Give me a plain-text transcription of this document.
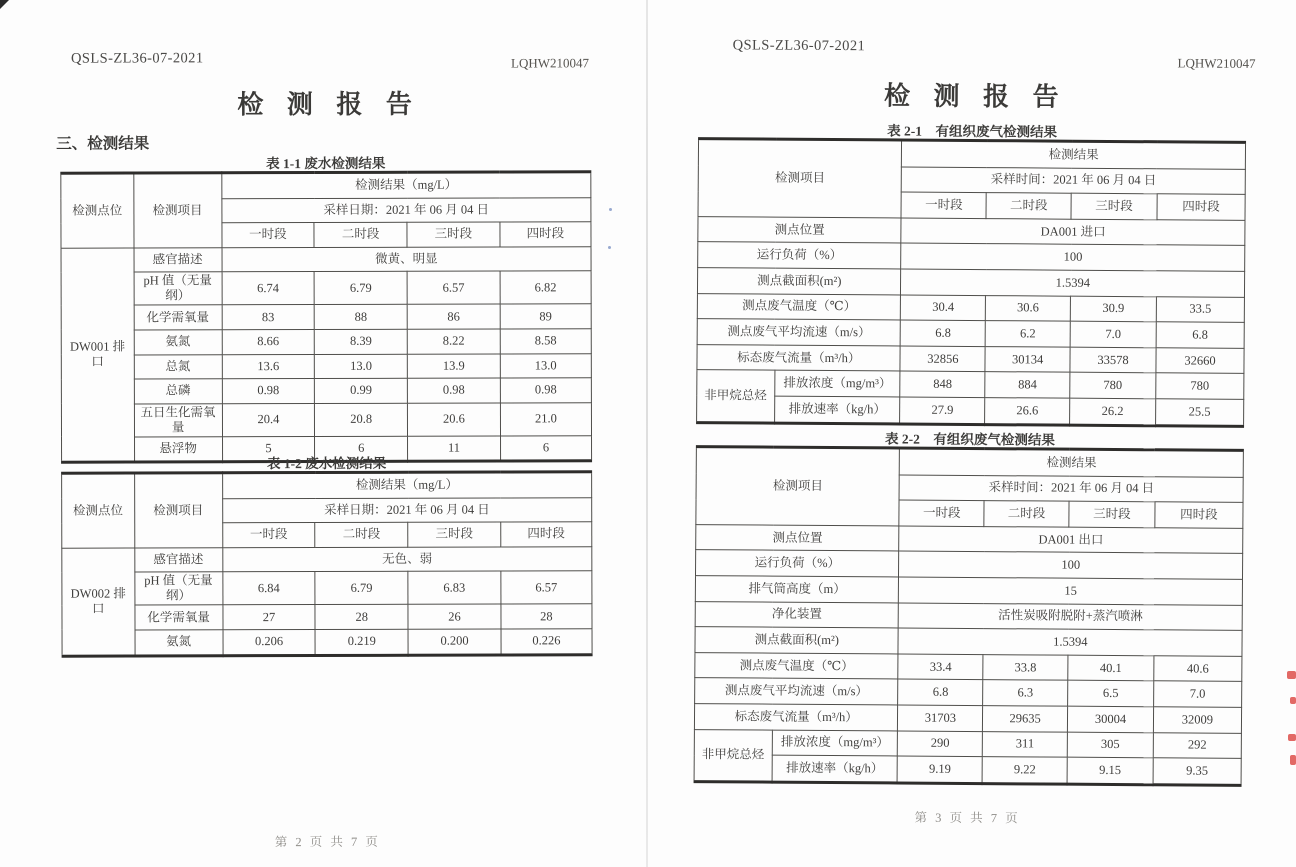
QSLS-ZL36-07-2021	LQHW210047
检 测 报 告
三、检测结果
表 1-1 废水检测结果
检测点位	检测项目	检测结果（mg/L）			
		采样日期：2021 年 06 月 04 日			
		一时段	二时段	三时段	四时段
DW001 排口	感官描述	微黄、明显			
	pH 值（无量纲）	6.74	6.79	6.57	6.82
	化学需氧量	83	88	86	89
	氨氮	8.66	8.39	8.22	8.58
	总氮	13.6	13.0	13.9	13.0
	总磷	0.98	0.99	0.98	0.98
	五日生化需氧量	20.4	20.8	20.6	21.0
	悬浮物	5	6	11	6
表 1-2 废水检测结果
检测点位	检测项目	检测结果（mg/L）			
		采样日期：2021 年 06 月 04 日			
		一时段	二时段	三时段	四时段
DW002 排口	感官描述	无色、弱			
	pH 值（无量纲）	6.84	6.79	6.83	6.57
	化学需氧量	27	28	26	28
	氨氮	0.206	0.219	0.200	0.226
第 2 页 共 7 页
QSLS-ZL36-07-2021
LQHW210047
检 测 报 告
表 2-1　有组织废气检测结果
检测项目		检测结果			
		采样时间：2021 年 06 月 04 日			
		一时段	二时段	三时段	四时段
测点位置		DA001 进口			
运行负荷（%）		100			
测点截面积(m²)		1.5394			
测点废气温度（℃）		30.4	30.6	30.9	33.5
测点废气平均流速（m/s）		6.8	6.2	7.0	6.8
标态废气流量（m³/h）		32856	30134	33578	32660
非甲烷总烃	排放浓度（mg/m³）	848	884	780	780
	排放速率（kg/h）	27.9	26.6	26.2	25.5
表 2-2　有组织废气检测结果
检测项目		检测结果			
		采样时间：2021 年 06 月 04 日			
		一时段	二时段	三时段	四时段
测点位置		DA001 出口			
运行负荷（%）		100			
排气筒高度（m）		15			
净化装置		活性炭吸附脱附+蒸汽喷淋			
测点截面积(m²)		1.5394			
测点废气温度（℃）		33.4	33.8	40.1	40.6
测点废气平均流速（m/s）		6.8	6.3	6.5	7.0
标态废气流量（m³/h）		31703	29635	30004	32009
非甲烷总烃	排放浓度（mg/m³）	290	311	305	292
	排放速率（kg/h）	9.19	9.22	9.15	9.35
第 3 页 共 7 页
